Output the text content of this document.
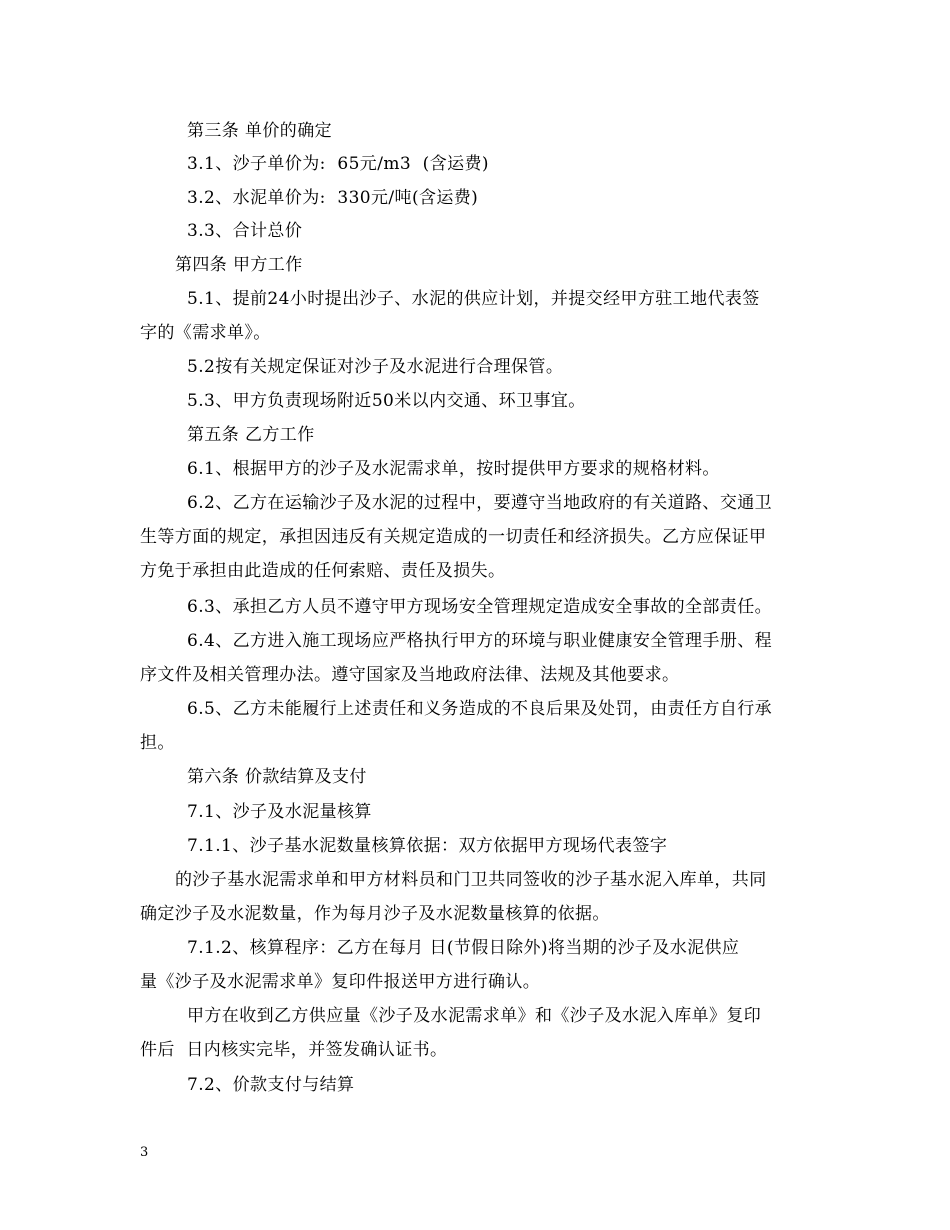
第三条 单价的确定
3.1、沙子单价为:  65元/m3  (含运费)
3.2、水泥单价为:  330元/吨(含运费)
3.3、合计总价
第四条 甲方工作
5.1、提前24小时提出沙子、水泥的供应计划，并提交经甲方驻工地代表签
字的《需求单》。
5.2按有关规定保证对沙子及水泥进行合理保管。
5.3、甲方负责现场附近50米以内交通、环卫事宜。
第五条 乙方工作
6.1、根据甲方的沙子及水泥需求单，按时提供甲方要求的规格材料。
6.2、乙方在运输沙子及水泥的过程中，要遵守当地政府的有关道路、交通卫
生等方面的规定，承担因违反有关规定造成的一切责任和经济损失。乙方应保证甲
方免于承担由此造成的任何索赔、责任及损失。
6.3、承担乙方人员不遵守甲方现场安全管理规定造成安全事故的全部责任。
6.4、乙方进入施工现场应严格执行甲方的环境与职业健康安全管理手册、程
序文件及相关管理办法。遵守国家及当地政府法律、法规及其他要求。
6.5、乙方未能履行上述责任和义务造成的不良后果及处罚，由责任方自行承
担。
第六条 价款结算及支付
7.1、沙子及水泥量核算
7.1.1、沙子基水泥数量核算依据：双方依据甲方现场代表签字
的沙子基水泥需求单和甲方材料员和门卫共同签收的沙子基水泥入库单，共同
确定沙子及水泥数量，作为每月沙子及水泥数量核算的依据。
7.1.2、核算程序：乙方在每月 日(节假日除外)将当期的沙子及水泥供应
量《沙子及水泥需求单》复印件报送甲方进行确认。
甲方在收到乙方供应量《沙子及水泥需求单》和《沙子及水泥入库单》复印
件后  日内核实完毕，并签发确认证书。
7.2、价款支付与结算
3
